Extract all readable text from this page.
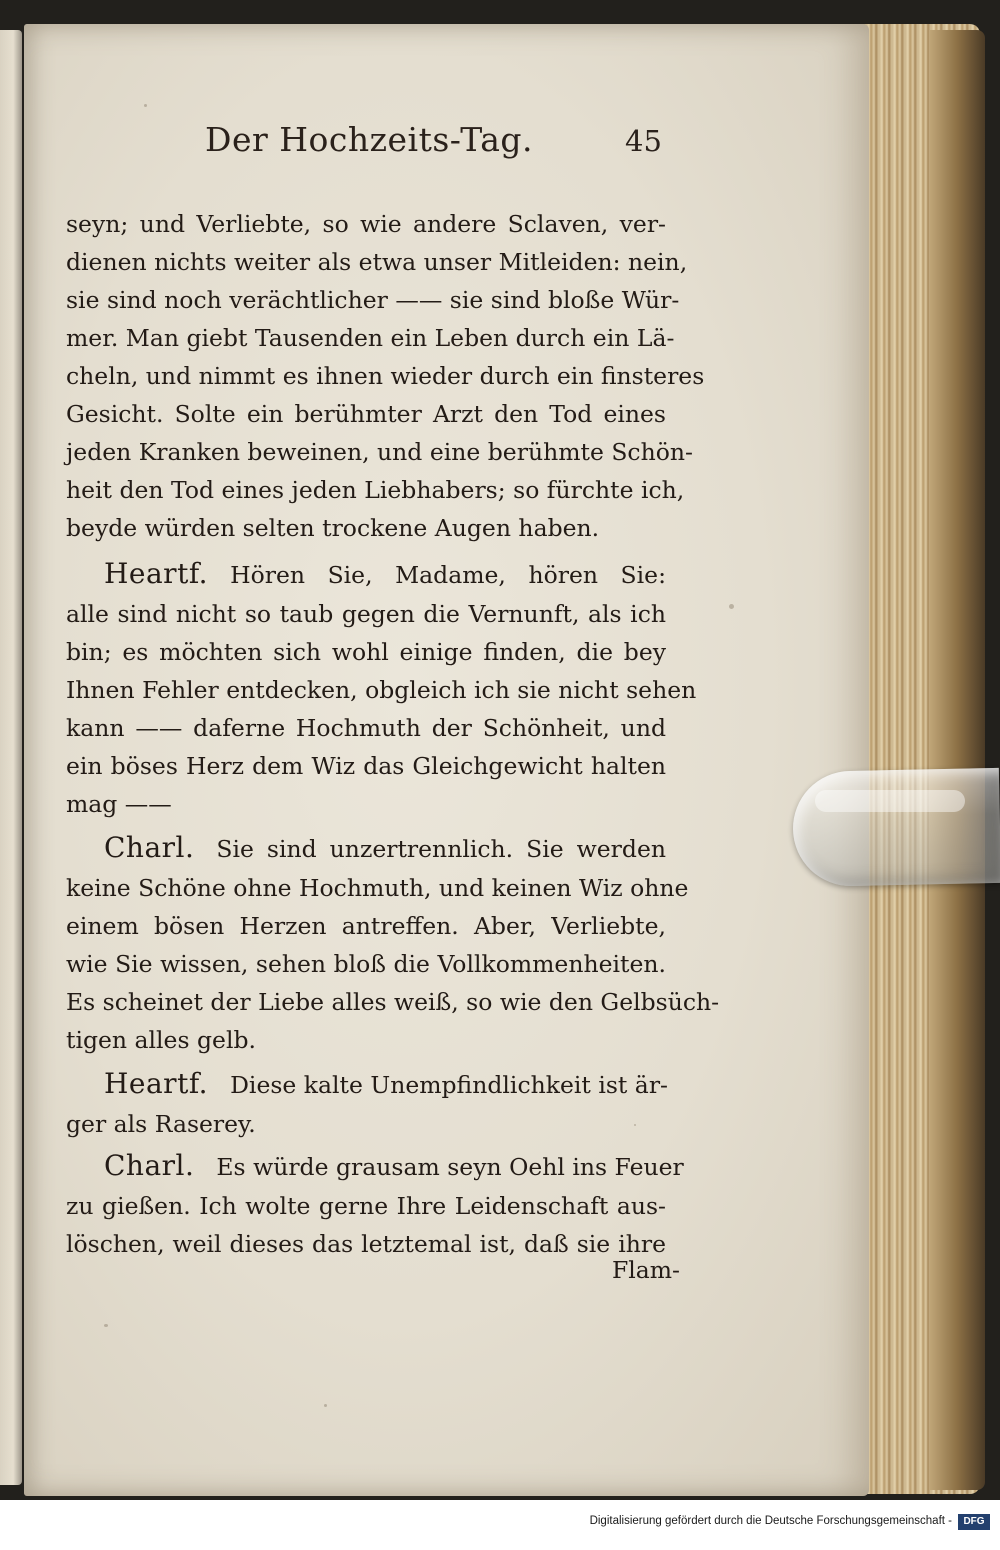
Der Hochzeits-Tag.	45
seyn; und Verliebte, so wie andere Sclaven, ver-
dienen nichts weiter als etwa unser Mitleiden: nein,
sie sind noch verächtlicher —— sie sind bloße Wür-
mer. Man giebt Tausenden ein Leben durch ein Lä-
cheln, und nimmt es ihnen wieder durch ein finsteres
Gesicht. Solte ein berühmter Arzt den Tod eines
jeden Kranken beweinen, und eine berühmte Schön-
heit den Tod eines jeden Liebhabers; so fürchte ich,
beyde würden selten trockene Augen haben.
Heartf. Hören Sie, Madame, hören Sie:
alle sind nicht so taub gegen die Vernunft, als ich
bin; es möchten sich wohl einige finden, die bey
Ihnen Fehler entdecken, obgleich ich sie nicht sehen
kann —— daferne Hochmuth der Schönheit, und
ein böses Herz dem Wiz das Gleichgewicht halten
mag ——
Charl. Sie sind unzertrennlich. Sie werden
keine Schöne ohne Hochmuth, und keinen Wiz ohne
einem bösen Herzen antreffen. Aber, Verliebte,
wie Sie wissen, sehen bloß die Vollkommenheiten.
Es scheinet der Liebe alles weiß, so wie den Gelbsüch-
tigen alles gelb.
Heartf. Diese kalte Unempfindlichkeit ist är-
ger als Raserey.
Charl. Es würde grausam seyn Oehl ins Feuer
zu gießen. Ich wolte gerne Ihre Leidenschaft aus-
löschen, weil dieses das letztemal ist, daß sie ihre
Flam-
Digitalisierung gefördert durch die Deutsche Forschungsgemeinschaft -	DFG
